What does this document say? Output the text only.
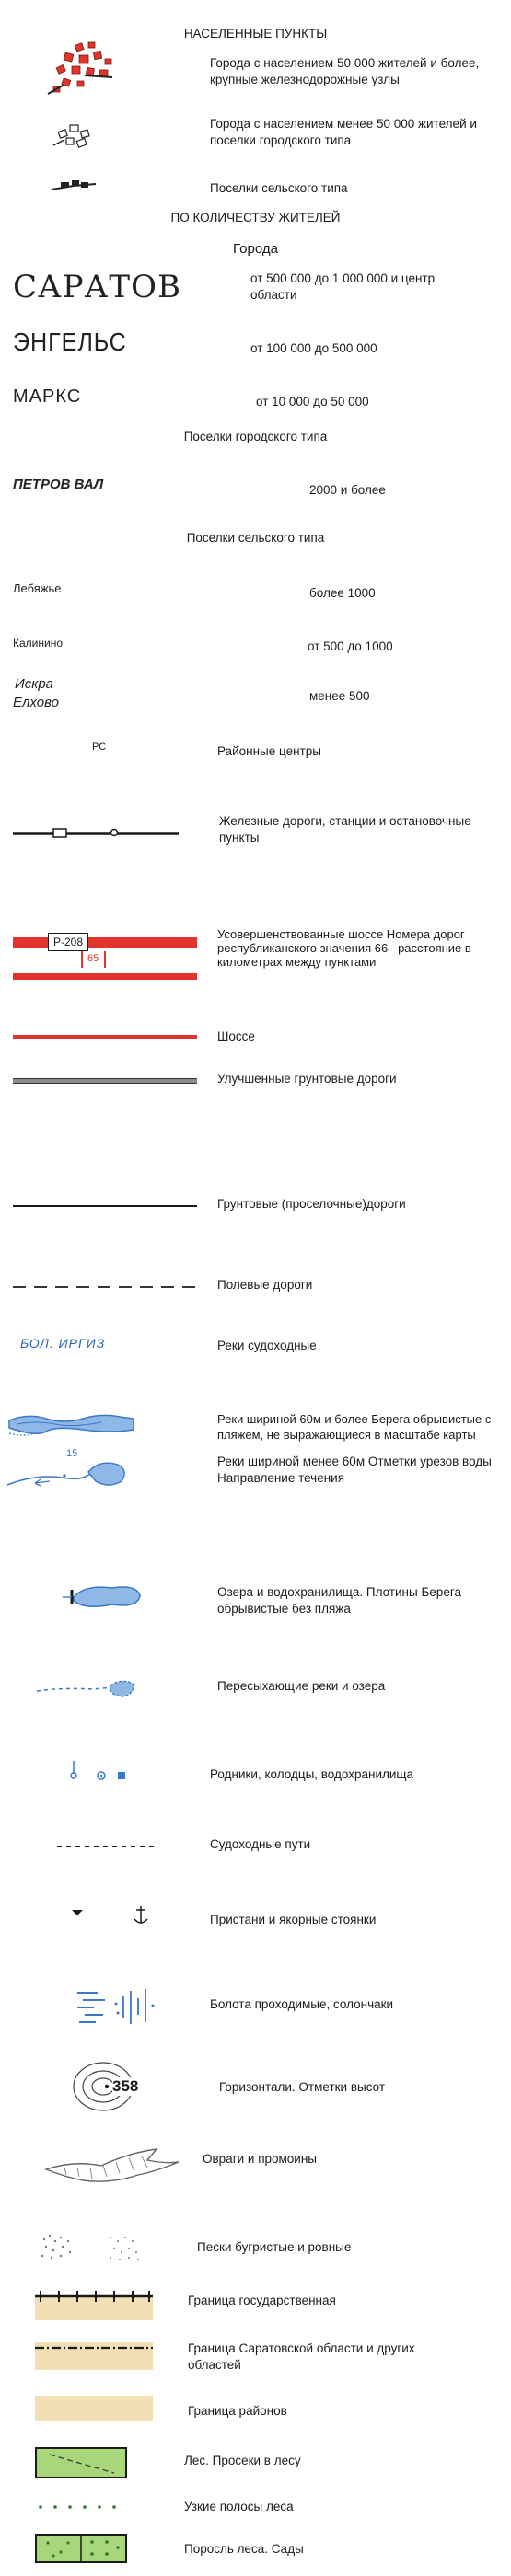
НАСЕЛЕННЫЕ ПУНКТЫ
Города с населением 50 000 жителей и более, крупные железнодорожные узлы
Города с населением менее 50 000 жителей и поселки городского типа
Поселки сельского типа
ПО КОЛИЧЕСТВУ ЖИТЕЛЕЙ
Города
САРАТОВ	от 500 000 до 1 000 000 и центр области
ЭНГЕЛЬС	от 100 000 до 500 000
МАРКС	от 10 000 до 50 000
Поселки городского типа
ПЕТРОВ ВАЛ	2000 и более
Поселки сельского типа
Лебяжье	более 1000
Калинино	от 500 до 1000
Искра
Елхово	менее 500
РС	Районные центры
Железные дороги, станции и остановочные пункты
Р-208
65
Усовершенствованные шоссе Номера дорог республиканского значения 66– расстояние в километрах между пунктами
Шоссе
Улучшенные грунтовые дороги
Грунтовые (проселочные)дороги
Полевые дороги
БОЛ. ИРГИЗ	Реки судоходные
Реки шириной 60м и более Берега обрывистые с пляжем, не выражающиеся в масштабе карты
15
Реки шириной менее 60м Отметки урезов воды Направление течения
Озера и водохранилища. Плотины Берега обрывистые без пляжа
Пересыхающие реки и озера
Родники, колодцы, водохранилища
Судоходные пути
Пристани и якорные стоянки
Болота проходимые, солончаки
358	Горизонтали. Отметки высот
Овраги и промоины
Пески бугристые и ровные
Граница государственная
Граница Саратовской области и других областей
Граница районов
Лес. Просеки в лесу
Узкие полосы леса
Поросль леса. Сады
